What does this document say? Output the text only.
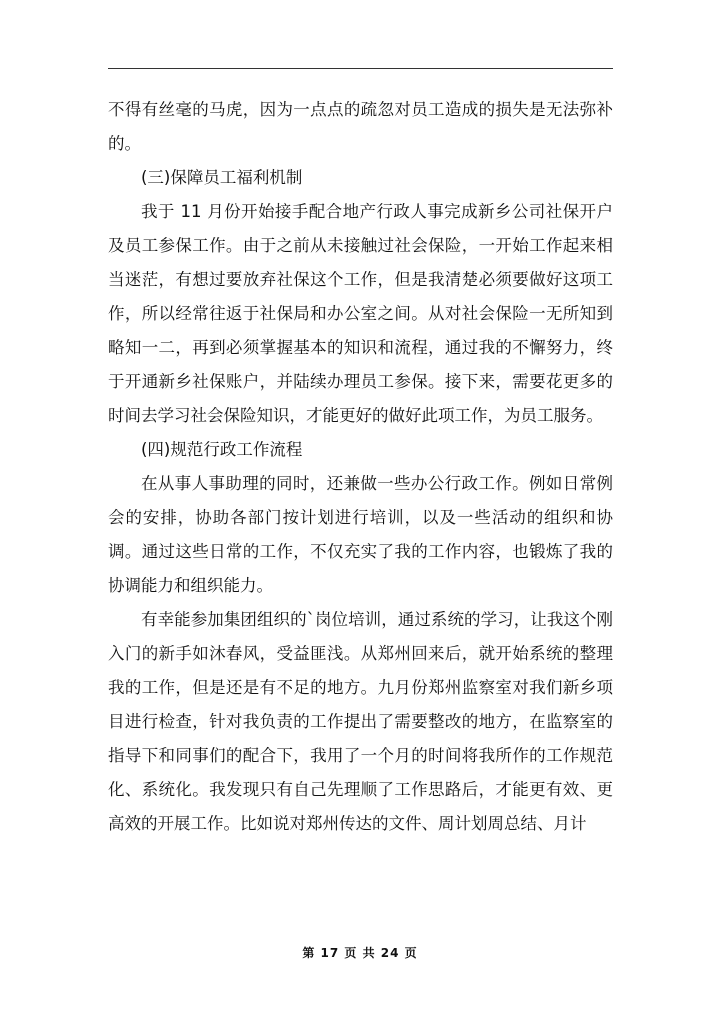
不得有丝毫的马虎，因为一点点的疏忽对员工造成的损失是无法弥补的。

(三)保障员工福利机制

我于 11 月份开始接手配合地产行政人事完成新乡公司社保开户及员工参保工作。由于之前从未接触过社会保险，一开始工作起来相当迷茫，有想过要放弃社保这个工作，但是我清楚必须要做好这项工作，所以经常往返于社保局和办公室之间。从对社会保险一无所知到略知一二，再到必须掌握基本的知识和流程，通过我的不懈努力，终于开通新乡社保账户，并陆续办理员工参保。接下来，需要花更多的时间去学习社会保险知识，才能更好的做好此项工作，为员工服务。

(四)规范行政工作流程

在从事人事助理的同时，还兼做一些办公行政工作。例如日常例会的安排，协助各部门按计划进行培训，以及一些活动的组织和协调。通过这些日常的工作，不仅充实了我的工作内容，也锻炼了我的协调能力和组织能力。

有幸能参加集团组织的`岗位培训，通过系统的学习，让我这个刚入门的新手如沐春风，受益匪浅。从郑州回来后，就开始系统的整理我的工作，但是还是有不足的地方。九月份郑州监察室对我们新乡项目进行检查，针对我负责的工作提出了需要整改的地方，在监察室的指导下和同事们的配合下，我用了一个月的时间将我所作的工作规范化、系统化。我发现只有自己先理顺了工作思路后，才能更有效、更高效的开展工作。比如说对郑州传达的文件、周计划周总结、月计

第 17 页 共 24 页
